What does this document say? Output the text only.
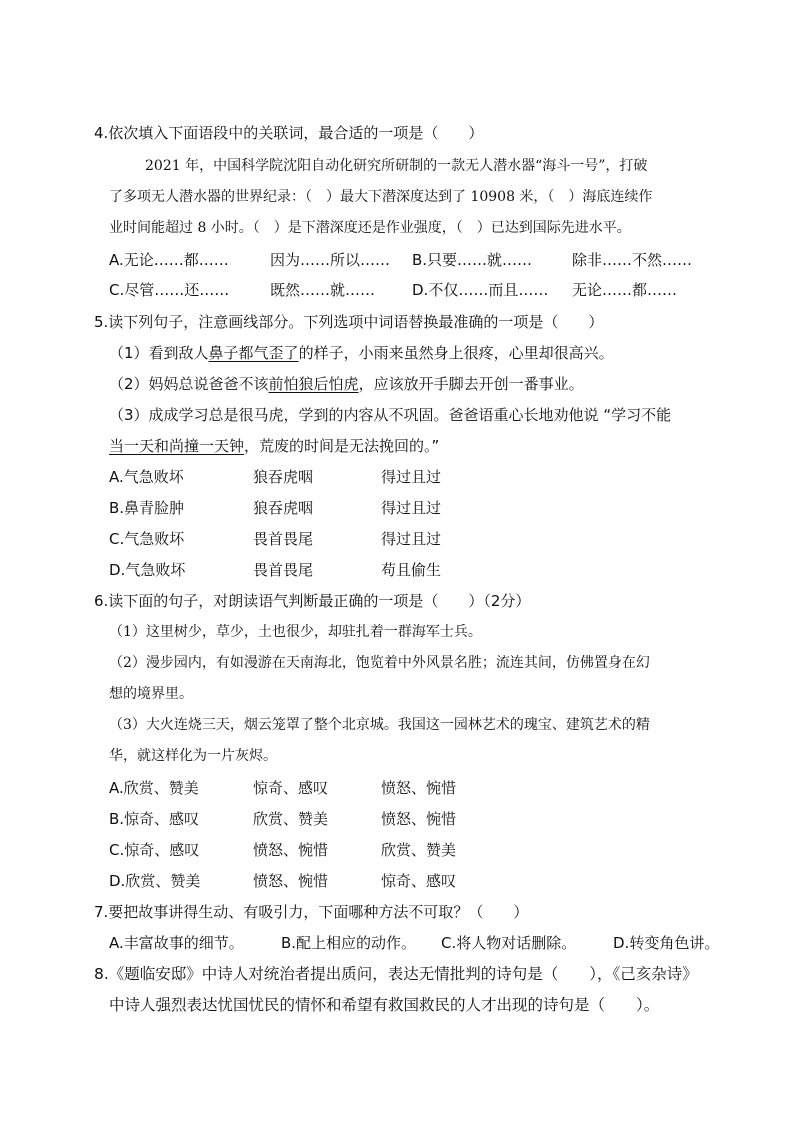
4.依次填入下面语段中的关联词，最合适的一项是（　　）
2021 年，中国科学院沈阳自动化研究所研制的一款无人潜水器“海斗一号”，打破
了多项无人潜水器的世界纪录：（　）最大下潜深度达到了 10908 米，（　）海底连续作
业时间能超过 8 小时。（　）是下潜深度还是作业强度，（　）已达到国际先进水平。
A.无论……都……	因为……所以…… B.只要……就……	除非……不然……
C.尽管……还……	既然……就…… D.不仅……而且…… 无论……都……
5.读下列句子，注意画线部分。下列选项中词语替换最准确的一项是（　　）
（1）看到敌人鼻子都气歪了的样子，小雨来虽然身上很疼，心里却很高兴。
（2）妈妈总说爸爸不该前怕狼后怕虎，应该放开手脚去开创一番事业。
（3）成成学习总是很马虎，学到的内容从不巩固。爸爸语重心长地劝他说 “学习不能
当一天和尚撞一天钟，荒废的时间是无法挽回的。”
A.气急败坏	狼吞虎咽	得过且过
B.鼻青脸肿	狼吞虎咽	得过且过
C.气急败坏	畏首畏尾	得过且过
D.气急败坏	畏首畏尾	苟且偷生
6.读下面的句子，对朗读语气判断最正确的一项是（　　）（2分）
（1）这里树少，草少，土也很少，却驻扎着一群海军士兵。
（2）漫步园内，有如漫游在天南海北，饱览着中外风景名胜；流连其间，仿佛置身在幻
想的境界里。
（3）大火连烧三天，烟云笼罩了整个北京城。我国这一园林艺术的瑰宝、建筑艺术的精
华，就这样化为一片灰烬。
A.欣赏、赞美	惊奇、感叹	愤怒、惋惜
B.惊奇、感叹	欣赏、赞美	愤怒、惋惜
C.惊奇、感叹	愤怒、惋惜	欣赏、赞美
D.欣赏、赞美	愤怒、惋惜	惊奇、感叹
7.要把故事讲得生动、有吸引力，下面哪种方法不可取？（　　）
A.丰富故事的细节。 B.配上相应的动作。 C.将人物对话删除。 D.转变角色讲。
8.《题临安邸》中诗人对统治者提出质问，表达无情批判的诗句是（　　），《己亥杂诗》
中诗人强烈表达忧国忧民的情怀和希望有救国救民的人才出现的诗句是（　　）。
